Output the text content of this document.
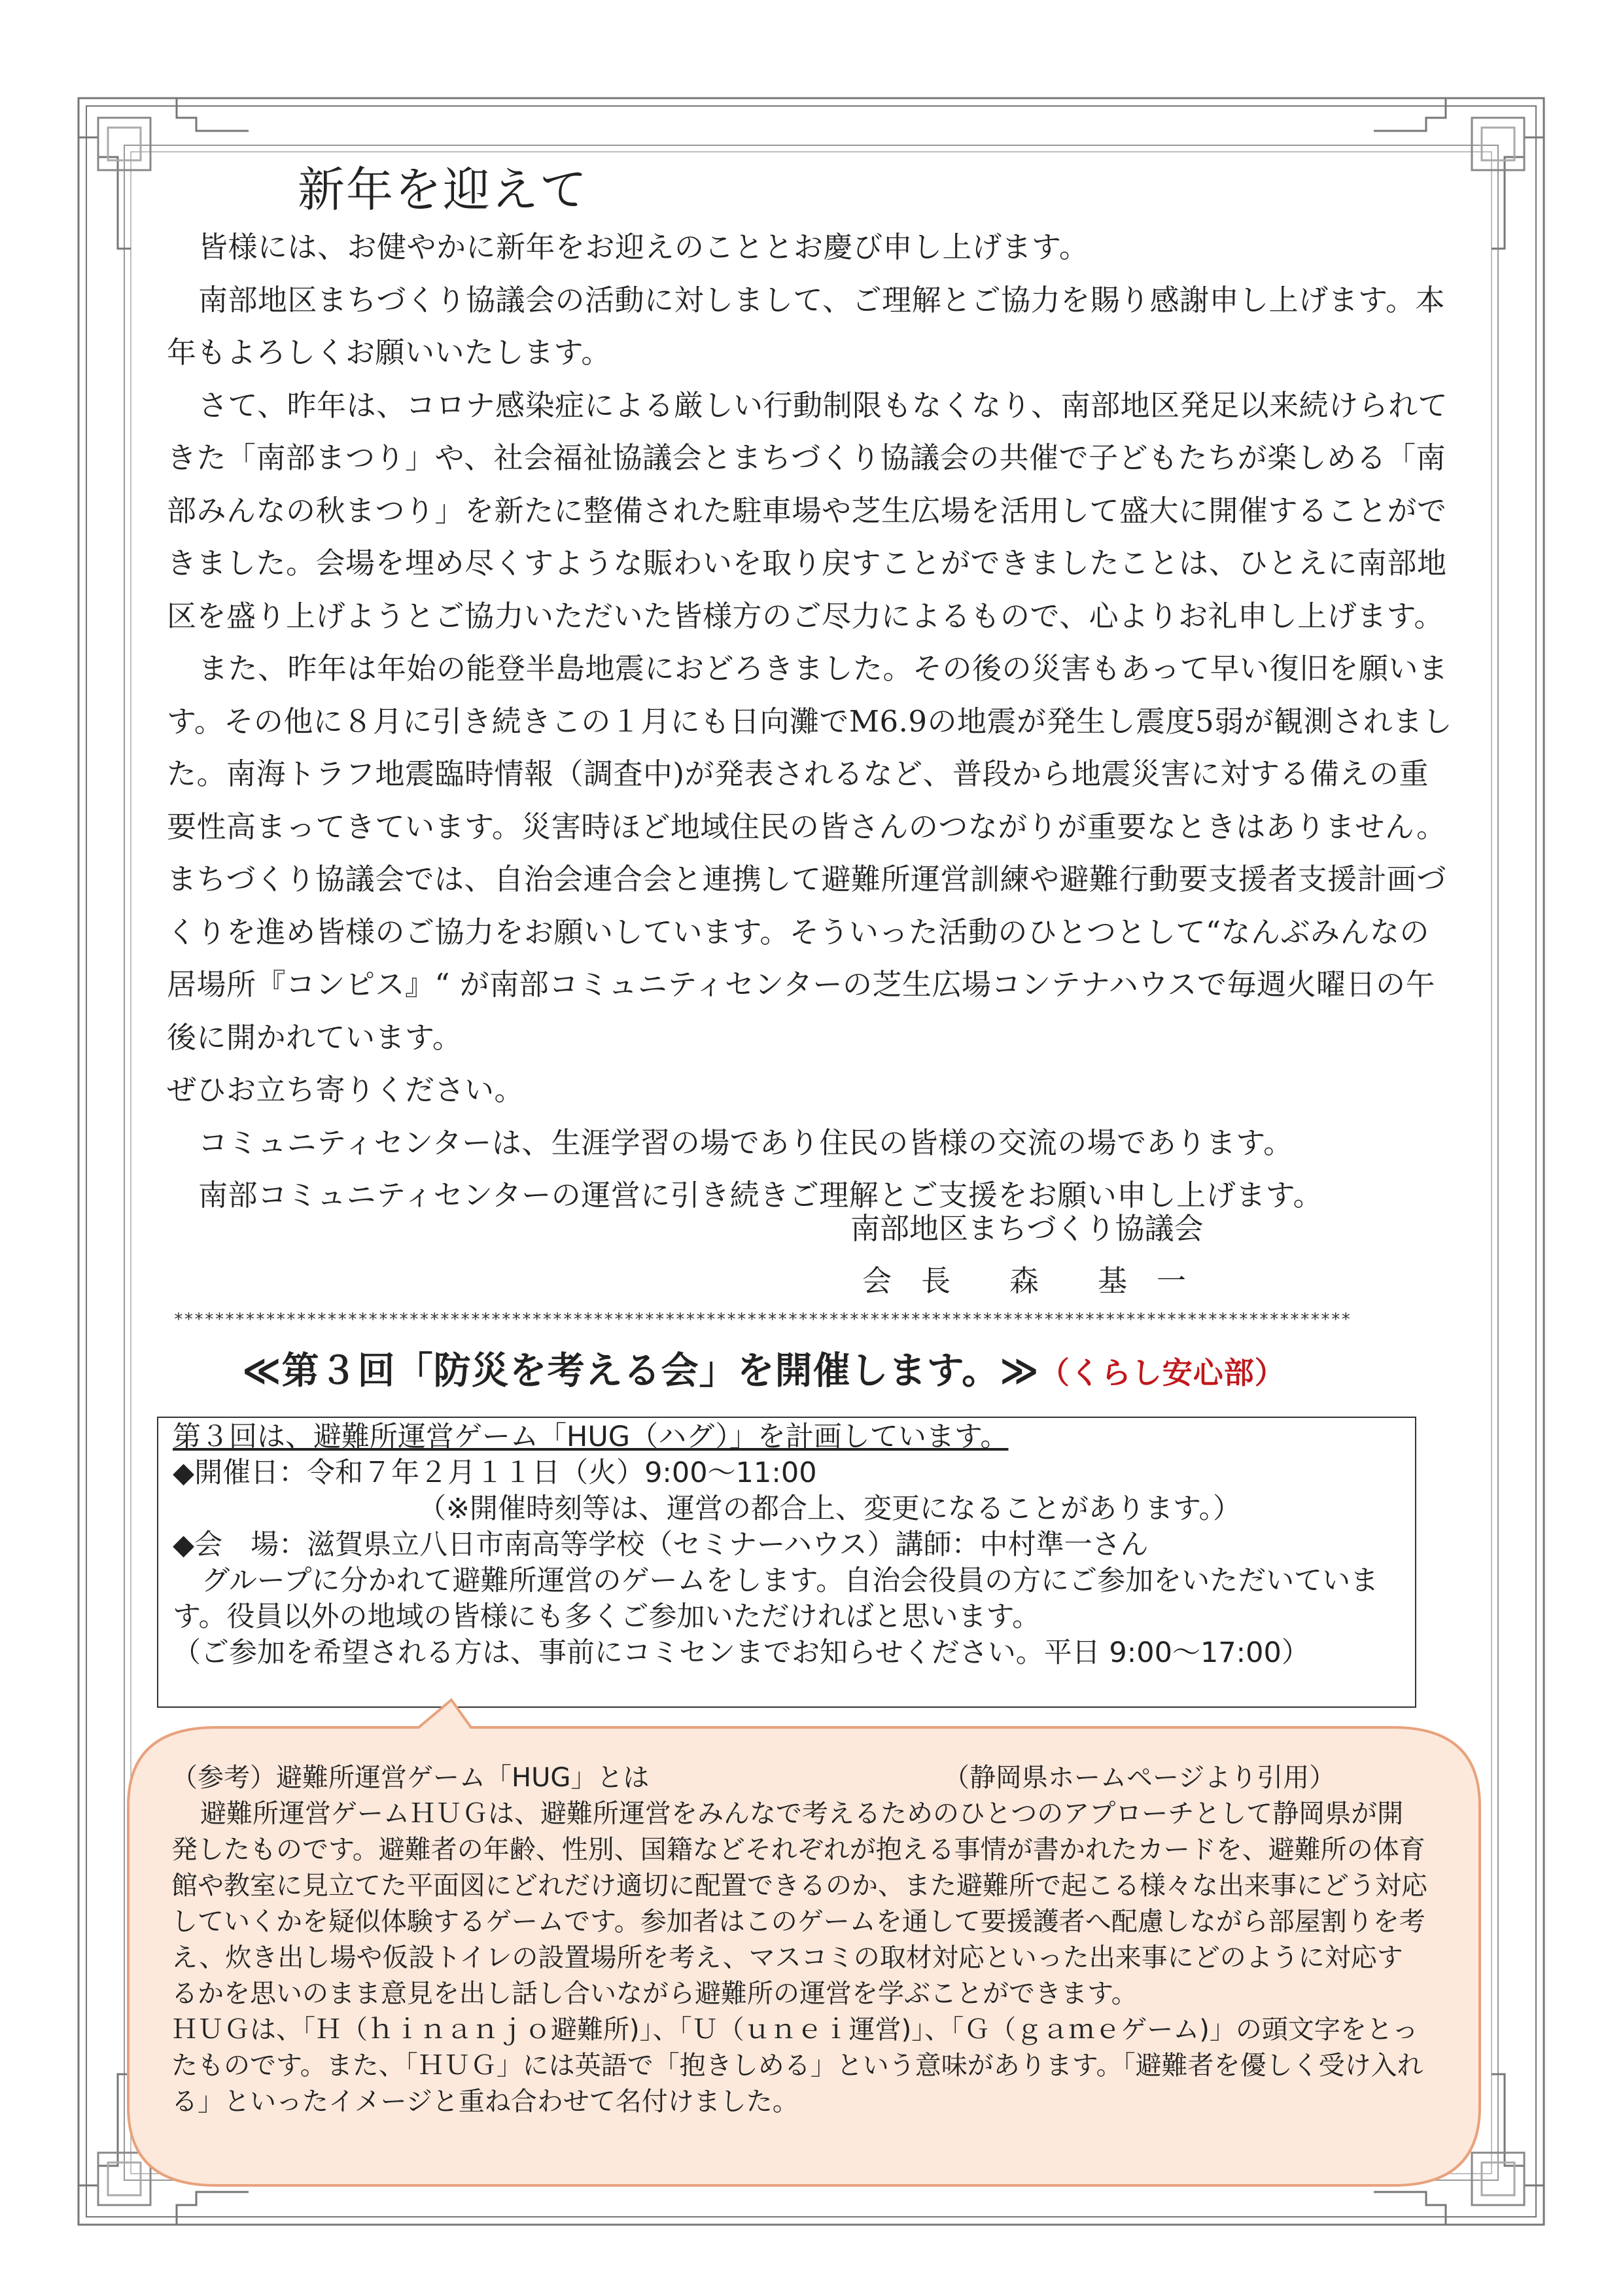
新年を迎えて

皆様には、お健やかに新年をお迎えのこととお慶び申し上げます。

南部地区まちづくり協議会の活動に対しまして、ご理解とご協力を賜り感謝申し上げます。本年もよろしくお願いいたします。

さて、昨年は、コロナ感染症による厳しい行動制限もなくなり、南部地区発足以来続けられてきた「南部まつり」や、社会福祉協議会とまちづくり協議会の共催で子どもたちが楽しめる「南部みんなの秋まつり」を新たに整備された駐車場や芝生広場を活用して盛大に開催することができました。会場を埋め尽くすような賑わいを取り戻すことができましたことは、ひとえに南部地区を盛り上げようとご協力いただいた皆様方のご尽力によるもので、心よりお礼申し上げます。

また、昨年は年始の能登半島地震におどろきました。その後の災害もあって早い復旧を願います。その他に８月に引き続きこの１月にも日向灘でM6.9の地震が発生し震度5弱が観測されました。南海トラフ地震臨時情報（調査中)が発表されるなど、普段から地震災害に対する備えの重要性高まってきています。災害時ほど地域住民の皆さんのつながりが重要なときはありません。まちづくり協議会では、自治会連合会と連携して避難所運営訓練や避難行動要支援者支援計画づくりを進め皆様のご協力をお願いしています。そういった活動のひとつとして“なんぶみんなの居場所『コンピス』“ が南部コミュニティセンターの芝生広場コンテナハウスで毎週火曜日の午後に開かれています。

ぜひお立ち寄りください。

コミュニティセンターは、生涯学習の場であり住民の皆様の交流の場であります。

南部コミュニティセンターの運営に引き続きご理解とご支援をお願い申し上げます。

南部地区まちづくり協議会
会　長　　森　　基　一
*******************************************************************************************************************
≪第３回「防災を考える会」を開催します。≫（くらし安心部）

第３回は、避難所運営ゲーム「HUG（ハグ）」を計画しています。

◆開催日：令和７年２月１１日（火）9:00～11:00

（※開催時刻等は、運営の都合上、変更になることがあります。）

◆会　場：滋賀県立八日市南高等学校（セミナーハウス）講師：中村準一さん

グループに分かれて避難所運営のゲームをします。自治会役員の方にご参加をいただいています。役員以外の地域の皆様にも多くご参加いただければと思います。

（ご参加を希望される方は、事前にコミセンまでお知らせください。平日 9:00～17:00）

（参考）避難所運営ゲーム「HUG」とは	（静岡県ホームページより引用）

避難所運営ゲームＨＵＧは、避難所運営をみんなで考えるためのひとつのアプローチとして静岡県が開発したものです。避難者の年齢、性別、国籍などそれぞれが抱える事情が書かれたカードを、避難所の体育館や教室に見立てた平面図にどれだけ適切に配置できるのか、また避難所で起こる様々な出来事にどう対応していくかを疑似体験するゲームです。参加者はこのゲームを通して要援護者へ配慮しながら部屋割りを考え、炊き出し場や仮設トイレの設置場所を考え、マスコミの取材対応といった出来事にどのように対応するかを思いのまま意見を出し話し合いながら避難所の運営を学ぶことができます。

ＨＵＧは、「Ｈ（ｈｉｎａｎｊｏ避難所)」、「Ｕ（ｕｎｅｉ運営)」、「Ｇ（ｇａｍｅゲーム)」の頭文字をとったものです。また、「ＨＵＧ」には英語で「抱きしめる」という意味があります。「避難者を優しく受け入れる」といったイメージと重ね合わせて名付けました。
